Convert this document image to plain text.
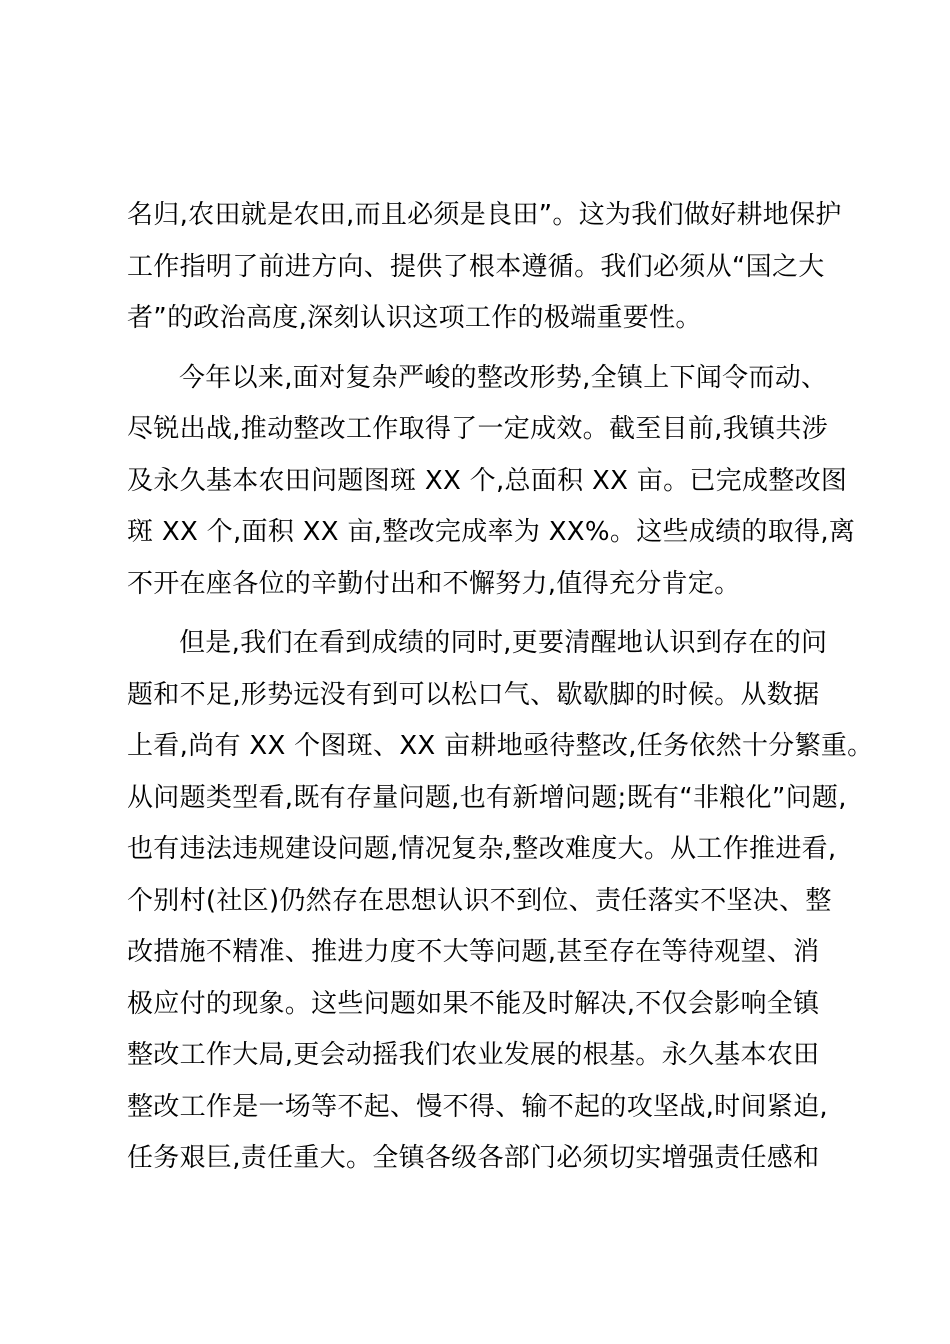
名归,农田就是农田,而且必须是良田”。这为我们做好耕地保护
工作指明了前进方向、提供了根本遵循。我们必须从“国之大
者”的政治高度,深刻认识这项工作的极端重要性。
今年以来,面对复杂严峻的整改形势,全镇上下闻令而动、
尽锐出战,推动整改工作取得了一定成效。截至目前,我镇共涉
及永久基本农田问题图斑 XX 个,总面积 XX 亩。已完成整改图
斑 XX 个,面积 XX 亩,整改完成率为 XX%。这些成绩的取得,离
不开在座各位的辛勤付出和不懈努力,值得充分肯定。
但是,我们在看到成绩的同时,更要清醒地认识到存在的问
题和不足,形势远没有到可以松口气、歇歇脚的时候。从数据
上看,尚有 XX 个图斑、XX 亩耕地亟待整改,任务依然十分繁重。
从问题类型看,既有存量问题,也有新增问题;既有“非粮化”问题,
也有违法违规建设问题,情况复杂,整改难度大。从工作推进看,
个别村(社区)仍然存在思想认识不到位、责任落实不坚决、整
改措施不精准、推进力度不大等问题,甚至存在等待观望、消
极应付的现象。这些问题如果不能及时解决,不仅会影响全镇
整改工作大局,更会动摇我们农业发展的根基。永久基本农田
整改工作是一场等不起、慢不得、输不起的攻坚战,时间紧迫,
任务艰巨,责任重大。全镇各级各部门必须切实增强责任感和
